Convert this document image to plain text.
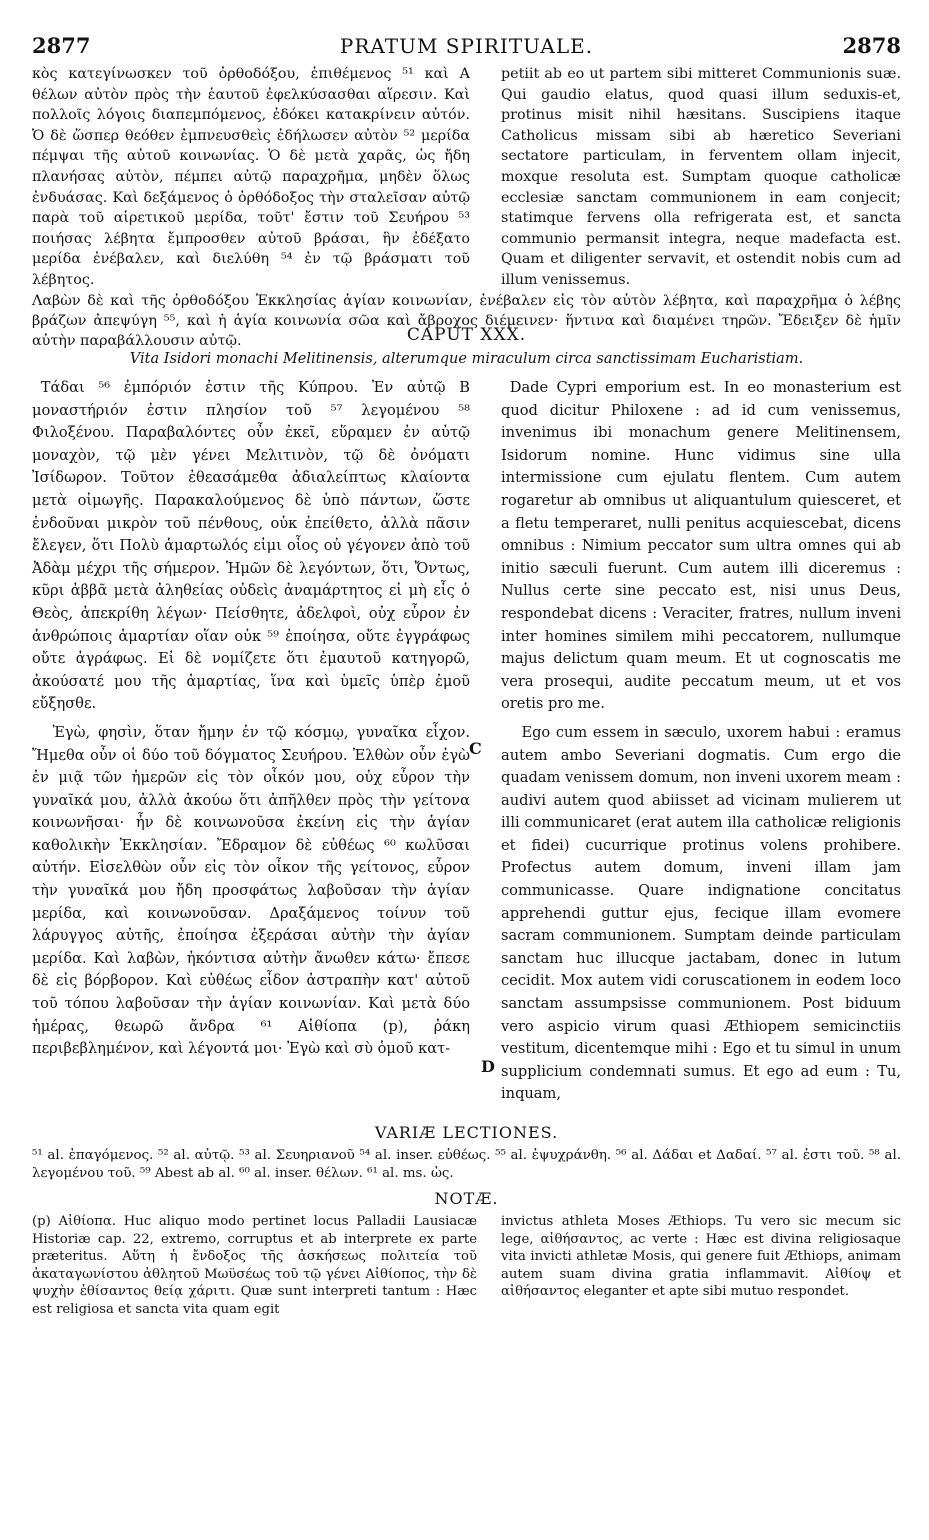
2877	PRATUM SPIRITUALE.	2878

κὸς κατεγίνωσκεν τοῦ ὀρθοδόξου, ἐπιθέμενος ⁵¹ καὶ A θέλων αὐτὸν πρὸς τὴν ἑαυτοῦ ἐφελκύσασθαι αἵρεσιν. Καὶ πολλοῖς λόγοις διαπεμπόμενος, ἐδόκει κατακρίνειν αὐτόν. Ὁ δὲ ὥσπερ θεόθεν ἐμπνευσθεὶς ἐδήλωσεν αὐτὸν ⁵² μερίδα πέμψαι τῆς αὐτοῦ κοινωνίας. Ὁ δὲ μετὰ χαρᾶς, ὡς ἤδη πλανήσας αὐτὸν, πέμπει αὐτῷ παραχρῆμα, μηδὲν ὅλως ἐνδυάσας. Καὶ δεξάμενος ὁ ὀρθόδοξος τὴν σταλεῖσαν αὐτῷ παρὰ τοῦ αἱρετικοῦ μερίδα, τοῦτ' ἔστιν τοῦ Σευήρου ⁵³ ποιήσας λέβητα ἔμπροσθεν αὐτοῦ βράσαι, ἣν ἐδέξατο μερίδα ἐνέβαλεν, καὶ διελύθη ⁵⁴ ἐν τῷ βράσματι τοῦ λέβητος.

petiit ab eo ut partem sibi mitteret Communionis suæ. Qui gaudio elatus, quod quasi illum seduxis-et, protinus misit nihil hæsitans. Suscipiens itaque Catholicus missam sibi ab hæretico Severiani sectatore particulam, in ferventem ollam injecit, moxque resoluta est. Sumptam quoque catholicæ ecclesiæ sanctam communionem in eam conjecit; statimque fervens olla refrigerata est, et sancta communio permansit integra, neque madefacta est. Quam et diligenter servavit, et ostendit nobis cum ad illum venissemus.

Λαβὼν δὲ καὶ τῆς ὀρθοδόξου Ἐκκλησίας ἁγίαν κοινωνίαν, ἐνέβαλεν εἰς τὸν αὐτὸν λέβητα, καὶ παραχρῆμα ὁ λέβης βράζων ἀπεψύγη ⁵⁵, καὶ ἡ ἁγία κοινωνία σῶα καὶ ἄβροχος διέμεινεν· ἥντινα καὶ διαμένει τηρῶν. Ἔδειξεν δὲ ἡμῖν αὐτὴν παραβάλλουσιν αὐτῷ.	CAPUT XXX.
Vita Isidori monachi Melitinensis, alterumque miraculum circa sanctissimam Eucharistiam.

Τάδαι ⁵⁶ ἐμπόριόν ἐστιν τῆς Κύπρου. Ἐν αὐτῷ B μοναστήριόν ἐστιν πλησίον τοῦ ⁵⁷ λεγομένου ⁵⁸ Φιλοξένου. Παραβαλόντες οὖν ἐκεῖ, εὕραμεν ἐν αὐτῷ μοναχὸν, τῷ μὲν γένει Μελιτινὸν, τῷ δὲ ὀνόματι Ἰσίδωρον. Τοῦτον ἐθεασάμεθα ἀδιαλείπτως κλαίοντα μετὰ οἰμωγῆς. Παρακαλούμενος δὲ ὑπὸ πάντων, ὥστε ἐνδοῦναι μικρὸν τοῦ πένθους, οὐκ ἐπείθετο, ἀλλὰ πᾶσιν ἔλεγεν, ὅτι Πολὺ ἁμαρτωλός εἰμι οἷος οὐ γέγονεν ἀπὸ τοῦ Ἀδὰμ μέχρι τῆς σήμερον. Ἡμῶν δὲ λεγόντων, ὅτι, Ὄντως, κῦρι ἀββᾶ μετὰ ἀληθείας οὐδεὶς ἀναμάρτητος εἰ μὴ εἷς ὁ Θεὸς, ἀπεκρίθη λέγων· Πείσθητε, ἀδελφοὶ, οὐχ εὗρον ἐν ἀνθρώποις ἁμαρτίαν οἵαν οὐκ ⁵⁹ ἐποίησα, οὔτε ἐγγράφως οὔτε ἀγράφως. Εἰ δὲ νομίζετε ὅτι ἐμαυτοῦ κατηγορῶ, ἀκούσατέ μου τῆς ἁμαρτίας, ἵνα καὶ ὑμεῖς ὑπὲρ ἐμοῦ εὔξησθε.

Ἐγὼ, φησὶν, ὅταν ἤμην ἐν τῷ κόσμῳ, γυναῖκα εἶχον. Ἤμεθα οὖν οἱ δύο τοῦ δόγματος Σευήρου. Ἐλθὼν οὖν ἐγὼ ἐν μιᾷ τῶν ἡμερῶν εἰς τὸν οἶκόν μου, οὐχ εὗρον τὴν γυναῖκά μου, ἀλλὰ ἀκούω ὅτι ἀπῆλθεν πρὸς τὴν γείτονα κοινωνῆσαι· ἦν δὲ κοινωνοῦσα ἐκείνη εἰς τὴν ἁγίαν καθολικὴν Ἐκκλησίαν. Ἔδραμον δὲ εὐθέως ⁶⁰ κωλῦσαι αὐτήν. Εἰσελθὼν οὖν εἰς τὸν οἶκον τῆς γείτονος, εὗρον τὴν γυναῖκά μου ἤδη προσφάτως λαβοῦσαν τὴν ἁγίαν μερίδα, καὶ κοινωνοῦσαν. Δραξάμενος τοίνυν τοῦ λάρυγγος αὐτῆς, ἐποίησα ἐξεράσαι αὐτὴν τὴν ἁγίαν μερίδα. Καὶ λαβὼν, ἠκόντισα αὐτὴν ἄνωθεν κάτω· ἔπεσε δὲ εἰς βόρβορον. Καὶ εὐθέως εἶδον ἀστραπὴν κατ' αὐτοῦ τοῦ τόπου λαβοῦσαν τὴν ἁγίαν κοινωνίαν. Καὶ μετὰ δύο ἡμέρας, θεωρῶ ἄνδρα ⁶¹ Αἰθίοπα (p), ῥάκη περιβεβλημένον, καὶ λέγοντά μοι· Ἐγὼ καὶ σὺ ὁμοῦ κατ-

Dade Cypri emporium est. In eo monasterium est quod dicitur Philoxene : ad id cum venissemus, invenimus ibi monachum genere Melitinensem, Isidorum nomine. Hunc vidimus sine ulla intermissione cum ejulatu flentem. Cum autem rogaretur ab omnibus ut aliquantulum quiesceret, et a fletu temperaret, nulli penitus acquiescebat, dicens omnibus : Nimium peccator sum ultra omnes qui ab initio sæculi fuerunt. Cum autem illi diceremus : Nullus certe sine peccato est, nisi unus Deus, respondebat dicens : Veraciter, fratres, nullum inveni inter homines similem mihi peccatorem, nullumque majus delictum quam meum. Et ut cognoscatis me vera prosequi, audite peccatum meum, ut et vos oretis pro me.

Ego cum essem in sæculo, uxorem habui : eramus autem ambo Severiani dogmatis. Cum ergo die quadam venissem domum, non inveni uxorem meam : audivi autem quod abiisset ad vicinam mulierem ut illi communicaret (erat autem illa catholicæ religionis et fidei) cucurrique protinus volens prohibere. Profectus autem domum, inveni illam jam communicasse. Quare indignatione concitatus apprehendi guttur ejus, fecique illam evomere sacram communionem. Sumptam deinde particulam sanctam huc illucque jactabam, donec in lutum cecidit. Mox autem vidi coruscationem in eodem loco sanctam assumpsisse communionem. Post biduum vero aspicio virum quasi Æthiopem semicinctiis vestitum, dicentemque mihi : Ego et tu simul in unum supplicium condemnati sumus. Et ego ad eum : Tu, inquam,

C
D
VARIÆ LECTIONES.

⁵¹ al. ἐπαγόμενος. ⁵² al. αὐτῷ. ⁵³ al. Σευηριανοῦ ⁵⁴ al. inser. εὐθέως. ⁵⁵ al. ἐψυχράνθη. ⁵⁶ al. Δάδαι et Δαδαί. ⁵⁷ al. ἐστι τοῦ. ⁵⁸ al. λεγομένου τοῦ. ⁵⁹ Abest ab al. ⁶⁰ al. inser. θέλων. ⁶¹ al. ms. ὡς.

NOTÆ.

(p) Αἰθίοπα. Huc aliquo modo pertinet locus Palladii Lausiacæ Historiæ cap. 22, extremo, corruptus et ab interprete ex parte præteritus. Αὕτη ἡ ἔνδοξος τῆς ἀσκήσεως πολιτεία τοῦ ἀκαταγωνίστου ἀθλητοῦ Μωϋσέως τοῦ τῷ γένει Αἰθίοπος, τὴν δὲ ψυχὴν ἐθίσαντος θείᾳ χάριτι. Quæ sunt interpreti tantum : Hæc est religiosa et sancta vita quam egit

invictus athleta Moses Æthiops. Tu vero sic mecum sic lege, αἰθήσαντος, ac verte : Hæc est divina religiosaque vita invicti athletæ Mosis, qui genere fuit Æthiops, animam autem suam divina gratia inflammavit. Αἰθίοψ et αἰθήσαντος eleganter et apte sibi mutuo respondet.
